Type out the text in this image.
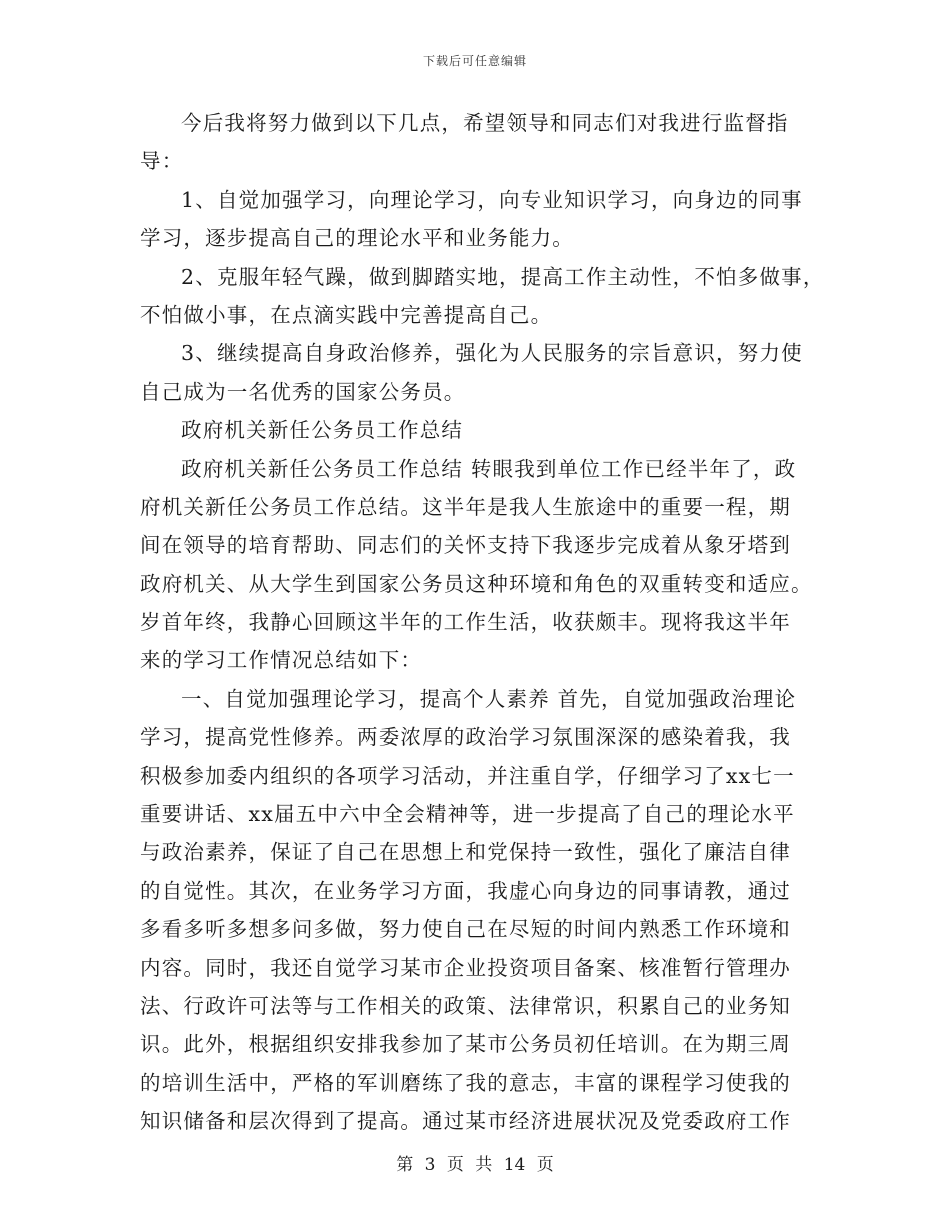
下载后可任意编辑
今后我将努力做到以下几点，希望领导和同志们对我进行监督指
导：
1、自觉加强学习，向理论学习，向专业知识学习，向身边的同事
学习，逐步提高自己的理论水平和业务能力。
2、克服年轻气躁，做到脚踏实地，提高工作主动性，不怕多做事，
不怕做小事，在点滴实践中完善提高自己。
3、继续提高自身政治修养，强化为人民服务的宗旨意识，努力使
自己成为一名优秀的国家公务员。
政府机关新任公务员工作总结
政府机关新任公务员工作总结 转眼我到单位工作已经半年了，政
府机关新任公务员工作总结。这半年是我人生旅途中的重要一程，期
间在领导的培育帮助、同志们的关怀支持下我逐步完成着从象牙塔到
政府机关、从大学生到国家公务员这种环境和角色的双重转变和适应。
岁首年终，我静心回顾这半年的工作生活，收获颇丰。现将我这半年
来的学习工作情况总结如下：
一、自觉加强理论学习，提高个人素养 首先，自觉加强政治理论
学习，提高党性修养。两委浓厚的政治学习氛围深深的感染着我，我
积极参加委内组织的各项学习活动，并注重自学，仔细学习了xx七一
重要讲话、xx届五中六中全会精神等，进一步提高了自己的理论水平
与政治素养，保证了自己在思想上和党保持一致性，强化了廉洁自律
的自觉性。其次，在业务学习方面，我虚心向身边的同事请教，通过
多看多听多想多问多做，努力使自己在尽短的时间内熟悉工作环境和
内容。同时，我还自觉学习某市企业投资项目备案、核准暂行管理办
法、行政许可法等与工作相关的政策、法律常识，积累自己的业务知
识。此外，根据组织安排我参加了某市公务员初任培训。在为期三周
的培训生活中，严格的军训磨练了我的意志，丰富的课程学习使我的
知识储备和层次得到了提高。通过某市经济进展状况及党委政府工作
第 3 页 共 14 页
